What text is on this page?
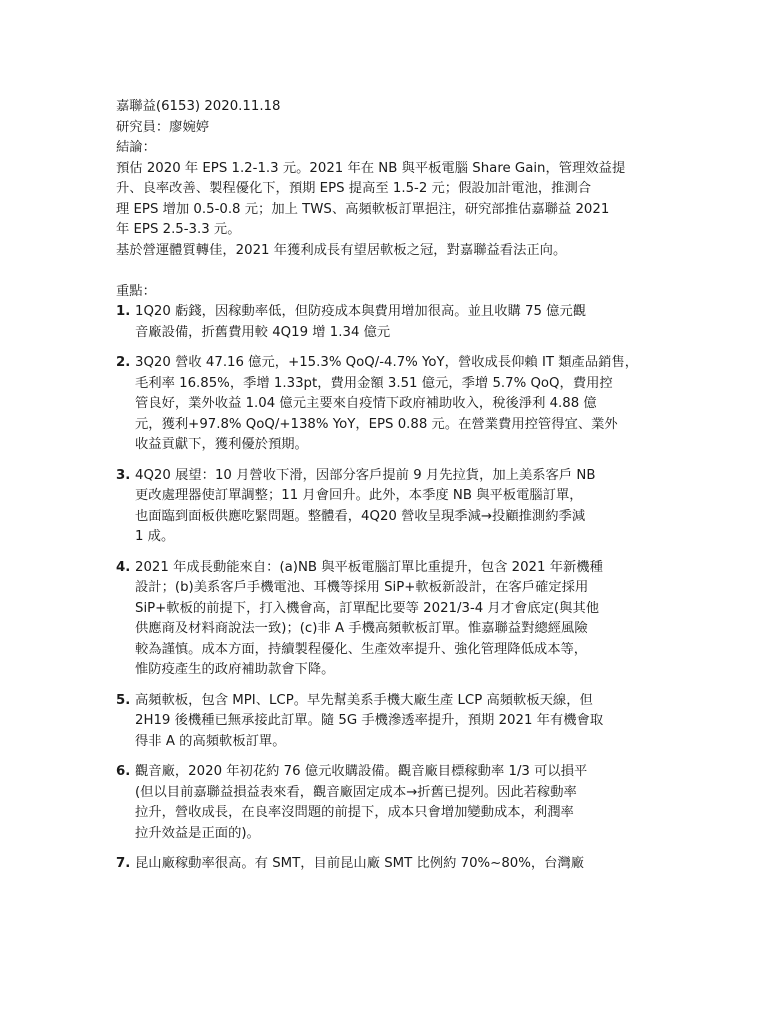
嘉聯益(6153) 2020.11.18
研究員：廖婉婷
結論：
預估 2020 年 EPS 1.2-1.3 元。2021 年在 NB 與平板電腦 Share Gain，管理效益提
升、良率改善、製程優化下，預期 EPS 提高至 1.5-2 元；假設加計電池，推測合
理 EPS 增加 0.5-0.8 元；加上 TWS、高頻軟板訂單挹注，研究部推估嘉聯益 2021
年 EPS 2.5-3.3 元。
基於營運體質轉佳，2021 年獲利成長有望居軟板之冠，對嘉聯益看法正向。
重點：
1. 1Q20 虧錢，因稼動率低，但防疫成本與費用增加很高。並且收購 75 億元觀
音廠設備，折舊費用較 4Q19 增 1.34 億元
2. 3Q20 營收 47.16 億元，+15.3% QoQ/-4.7% YoY，營收成長仰賴 IT 類產品銷售，
毛利率 16.85%，季增 1.33pt，費用金額 3.51 億元，季增 5.7% QoQ，費用控
管良好，業外收益 1.04 億元主要來自疫情下政府補助收入，稅後淨利 4.88 億
元，獲利+97.8% QoQ/+138% YoY，EPS 0.88 元。在營業費用控管得宜、業外
收益貢獻下，獲利優於預期。
3. 4Q20 展望：10 月營收下滑，因部分客戶提前 9 月先拉貨，加上美系客戶 NB
更改處理器使訂單調整；11 月會回升。此外，本季度 NB 與平板電腦訂單，
也面臨到面板供應吃緊問題。整體看，4Q20 營收呈現季減→投顧推測約季減
1 成。
4. 2021 年成長動能來自：(a)NB 與平板電腦訂單比重提升，包含 2021 年新機種
設計；(b)美系客戶手機電池、耳機等採用 SiP+軟板新設計，在客戶確定採用
SiP+軟板的前提下，打入機會高，訂單配比要等 2021/3-4 月才會底定(與其他
供應商及材料商說法一致)；(c)非 A 手機高頻軟板訂單。惟嘉聯益對總經風險
較為謹慎。成本方面，持續製程優化、生產效率提升、強化管理降低成本等，
惟防疫產生的政府補助款會下降。
5. 高頻軟板，包含 MPI、LCP。早先幫美系手機大廠生產 LCP 高頻軟板天線，但
2H19 後機種已無承接此訂單。隨 5G 手機滲透率提升，預期 2021 年有機會取
得非 A 的高頻軟板訂單。
6. 觀音廠，2020 年初花約 76 億元收購設備。觀音廠目標稼動率 1/3 可以損平
(但以目前嘉聯益損益表來看，觀音廠固定成本→折舊已提列。因此若稼動率
拉升，營收成長，在良率沒問題的前提下，成本只會增加變動成本，利潤率
拉升效益是正面的)。
7. 昆山廠稼動率很高。有 SMT，目前昆山廠 SMT 比例約 70%~80%，台灣廠
